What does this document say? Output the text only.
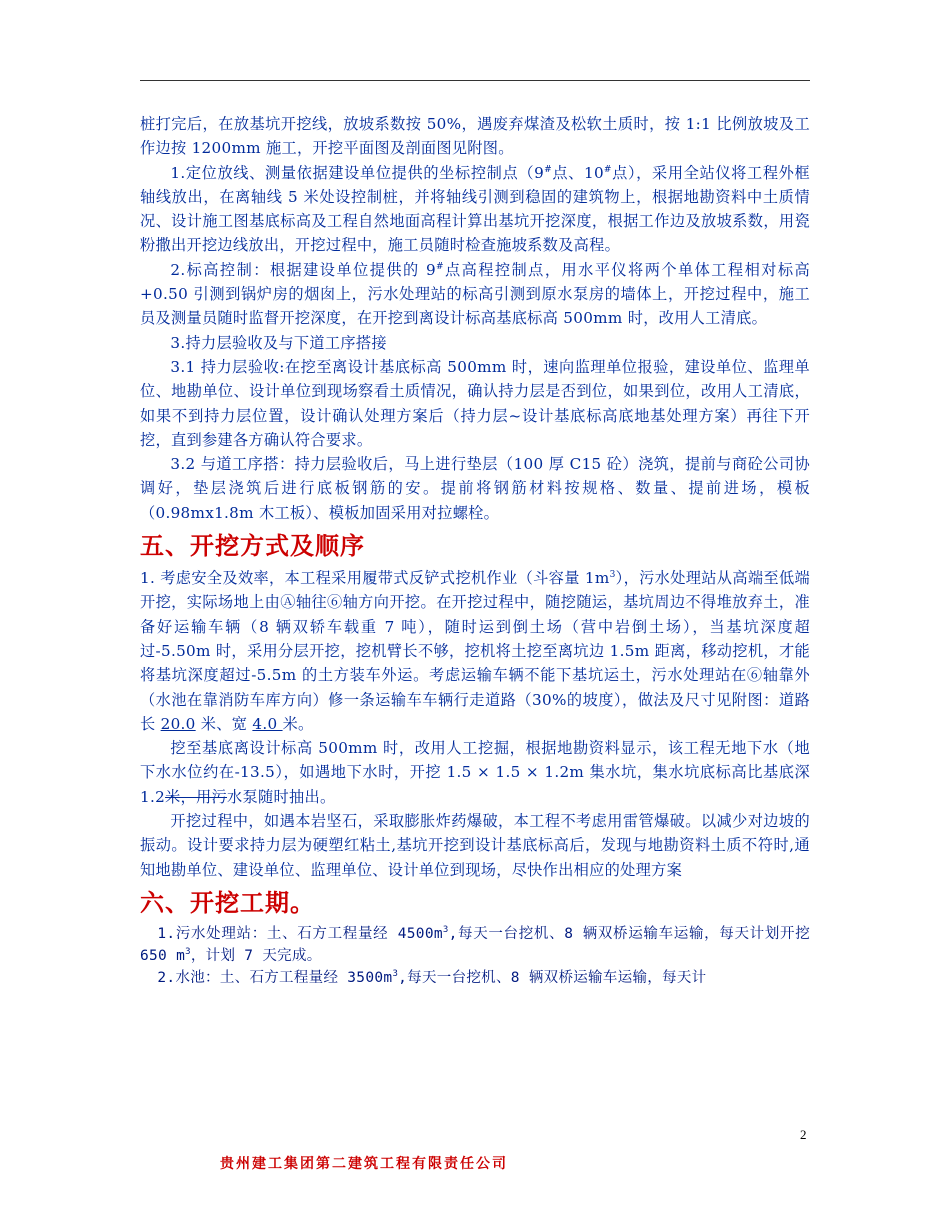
桩打完后，在放基坑开挖线，放坡系数按 50%，遇废弃煤渣及松软土质时，按 1:1 比例放坡及工作边按 1200mm 施工，开挖平面图及剖面图见附图。

1.定位放线、测量依据建设单位提供的坐标控制点（9#点、10#点），采用全站仪将工程外框轴线放出，在离轴线 5 米处设控制桩，并将轴线引测到稳固的建筑物上，根据地勘资料中土质情况、设计施工图基底标高及工程自然地面高程计算出基坑开挖深度，根据工作边及放坡系数，用瓷粉撒出开挖边线放出，开挖过程中，施工员随时检查施坡系数及高程。

2.标高控制：根据建设单位提供的 9#点高程控制点，用水平仪将两个单体工程相对标高+0.50 引测到锅炉房的烟囱上，污水处理站的标高引测到原水泵房的墙体上，开挖过程中，施工员及测量员随时监督开挖深度，在开挖到离设计标高基底标高 500mm 时，改用人工清底。

3.持力层验收及与下道工序搭接

3.1 持力层验收:在挖至离设计基底标高 500mm 时，速向监理单位报验，建设单位、监理单位、地勘单位、设计单位到现场察看土质情况，确认持力层是否到位，如果到位，改用人工清底，如果不到持力层位置，设计确认处理方案后（持力层~设计基底标高底地基处理方案）再往下开挖，直到参建各方确认符合要求。

3.2 与道工序搭：持力层验收后，马上进行垫层（100 厚 C15 砼）浇筑，提前与商砼公司协调好，垫层浇筑后进行底板钢筋的安。提前将钢筋材料按规格、数量、提前进场，模板（0.98mx1.8m 木工板）、模板加固采用对拉螺栓。

五、开挖方式及顺序

1. 考虑安全及效率，本工程采用履带式反铲式挖机作业（斗容量 $1m^3$），污水处理站从高端至低端开挖，实际场地上由Ⓐ轴往⑥轴方向开挖。在开挖过程中，随挖随运，基坑周边不得堆放弃土，准备好运输车辆（8 辆双轿车载重 7 吨），随时运到倒土场（营中岩倒土场），当基坑深度超过-5.50m 时，采用分层开挖，挖机臂长不够，挖机将土挖至离坑边 1.5m 距离，移动挖机，才能将基坑深度超过-5.5m 的土方装车外运。考虑运输车辆不能下基坑运土，污水处理站在⑥轴靠外（水池在靠消防车库方向）修一条运输车车辆行走道路（30%的坡度），做法及尺寸见附图：道路长 20.0 米、宽 4.0 米。

挖至基底离设计标高 500mm 时，改用人工挖掘，根据地勘资料显示，该工程无地下水（地下水水位约在-13.5），如遇地下水时，开挖 1.5 × 1.5 × 1.2m 集水坑，集水坑底标高比基底深 1.2米，用污水泵随时抽出。

开挖过程中，如遇本岩坚石，采取膨胀炸药爆破，本工程不考虑用雷管爆破。以减少对边坡的振动。设计要求持力层为硬塑红粘土,基坑开挖到设计基底标高后，发现与地勘资料土质不符时,通知地勘单位、建设单位、监理单位、设计单位到现场，尽快作出相应的处理方案

六、开挖工期。

1.污水处理站：土、石方工程量经 $4500m^3$,每天一台挖机、8 辆双桥运输车运输，每天计划开挖 650 $m^3$，计划 7 天完成。

2.水池：土、石方工程量经 $3500m^3$,每天一台挖机、8 辆双桥运输车运输，每天计

2
贵州建工集团第二建筑工程有限责任公司
